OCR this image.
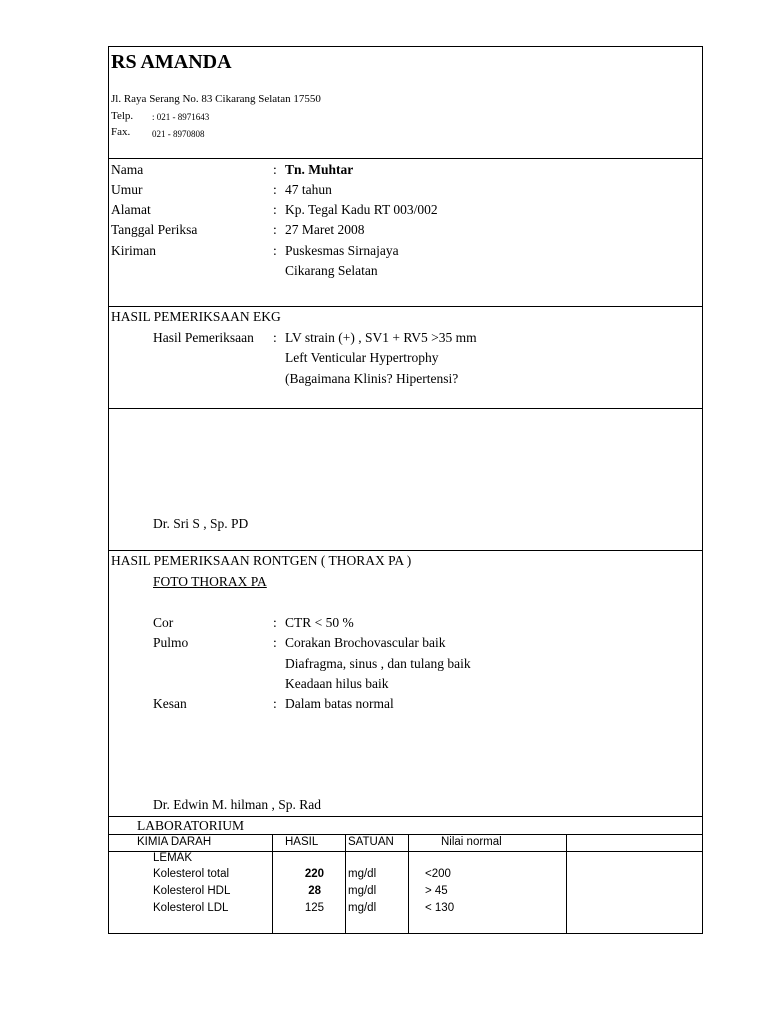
RS AMANDA
Jl. Raya Serang No. 83 Cikarang Selatan 17550
Telp. : 021 - 8971643
Fax. 021 - 8970808
Nama	: Tn. Muhtar
Umur	: 47 tahun
Alamat	: Kp. Tegal Kadu RT 003/002
Tanggal Periksa	: 27 Maret 2008
Kiriman	: Puskesmas Sirnajaya
Cikarang Selatan
HASIL PEMERIKSAAN EKG
Hasil Pemeriksaan : LV strain (+) , SV1 + RV5 >35 mm
Left Venticular Hypertrophy
(Bagaimana Klinis? Hipertensi?
Dr. Sri S , Sp. PD
HASIL PEMERIKSAAN RONTGEN ( THORAX PA )
FOTO THORAX PA
Cor	: CTR < 50 %
Pulmo	: Corakan Brochovascular baik
Diafragma, sinus , dan tulang baik
Keadaan hilus baik
Kesan	: Dalam batas normal
Dr. Edwin M. hilman , Sp. Rad
LABORATORIUM
KIMIA DARAH	HASIL	SATUAN	Nilai normal
LEMAK
Kolesterol total	220 mg/dl	<200
Kolesterol HDL	28 mg/dl	> 45
Kolesterol LDL	125 mg/dl	< 130
